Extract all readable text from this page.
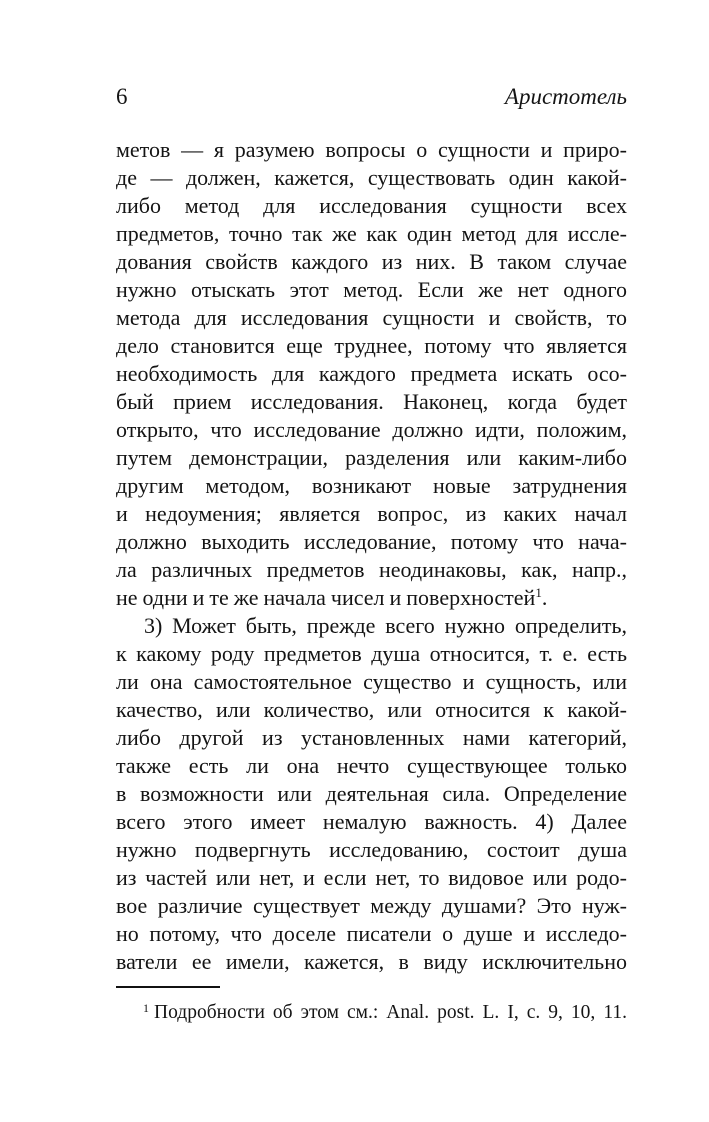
6	Аристотель
метов — я разумею вопросы о сущности и приро-
де — должен, кажется, существовать один какой-
либо метод для исследования сущности всех
предметов, точно так же как один метод для иссле-
дования свойств каждого из них. В таком случае
нужно отыскать этот метод. Если же нет одного
метода для исследования сущности и свойств, то
дело становится еще труднее, потому что является
необходимость для каждого предмета искать осо-
бый прием исследования. Наконец, когда будет
открыто, что исследование должно идти, положим,
путем демонстрации, разделения или каким-либо
другим методом, возникают новые затруднения
и недоумения; является вопрос, из каких начал
должно выходить исследование, потому что нача-
ла различных предметов неодинаковы, как, напр.,
не одни и те же начала чисел и поверхностей$^1$.
3) Может быть, прежде всего нужно определить,
к какому роду предметов душа относится, т. е. есть
ли она самостоятельное существо и сущность, или
качество, или количество, или относится к какой-
либо другой из установленных нами категорий,
также есть ли она нечто существующее только
в возможности или деятельная сила. Определение
всего этого имеет немалую важность. 4) Далее
нужно подвергнуть исследованию, состоит душа
из частей или нет, и если нет, то видовое или родо-
вое различие существует между душами? Это нуж-
но потому, что доселе писатели о душе и исследо-
ватели ее имели, кажется, в виду исключительно
$^1$ Подробности об этом см.: Anal. post. L. I, c. 9, 10, 11.
